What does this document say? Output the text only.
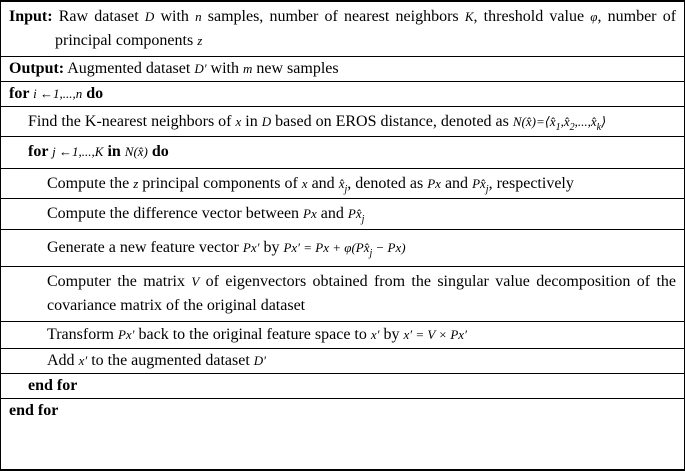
Input: Raw dataset D with n samples, number of nearest neighbors K, threshold value φ, number of principal components z
Output: Augmented dataset D′ with m new samples
for i ←1,...,n do
Find the K-nearest neighbors of x in D based on EROS distance, denoted as $N(x̂)=⟨x̂_1,x̂_2,...,x̂_k⟩$
for j ←1,...,K in N(x̂) do
Compute the z principal components of x and $x̂_j$, denoted as Px and $Px̂_j$, respectively
Compute the difference vector between Px and $Px̂_j$
Generate a new feature vector Px′ by $Px' = Px + \varphi(Px̂_j - Px)$
Computer the matrix V of eigenvectors obtained from the singular value decomposition of the covariance matrix of the original dataset
Transform Px′ back to the original feature space to x′ by x′ = V × Px′
Add x′ to the augmented dataset D′
end for
end for
